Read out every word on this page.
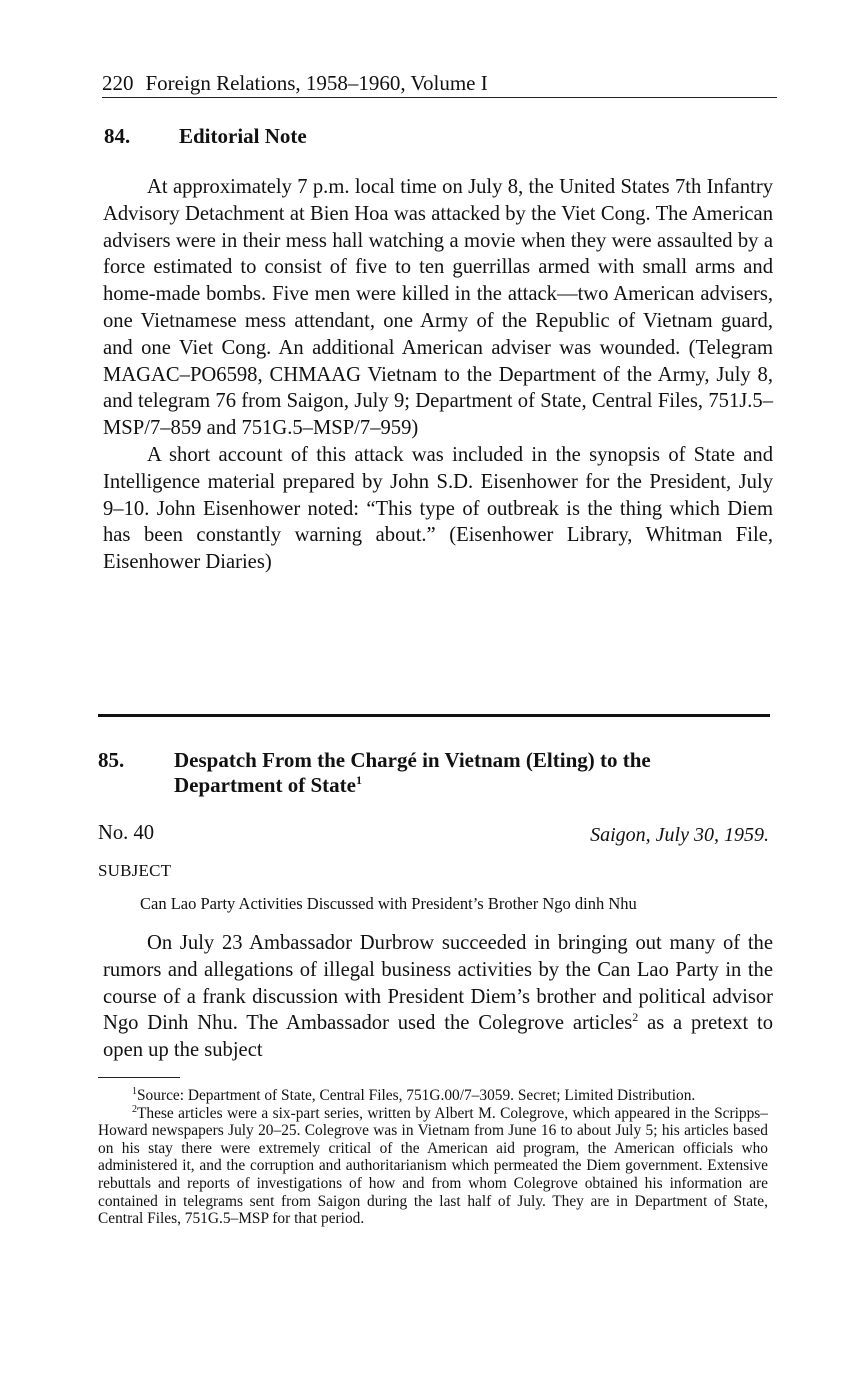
220 Foreign Relations, 1958–1960, Volume I
84. Editorial Note

At approximately 7 p.m. local time on July 8, the United States 7th Infantry Advisory Detachment at Bien Hoa was attacked by the Viet Cong. The American advisers were in their mess hall watching a movie when they were assaulted by a force estimated to consist of five to ten guerrillas armed with small arms and home-made bombs. Five men were killed in the attack—two American advisers, one Vietnamese mess attendant, one Army of the Republic of Vietnam guard, and one Viet Cong. An additional American adviser was wounded. (Telegram MAGAC–PO6598, CHMAAG Vietnam to the Department of the Army, July 8, and telegram 76 from Saigon, July 9; Department of State, Central Files, 751J.5–MSP/7–859 and 751G.5–MSP/7–959)

A short account of this attack was included in the synopsis of State and Intelligence material prepared by John S.D. Eisenhower for the President, July 9–10. John Eisenhower noted: “This type of outbreak is the thing which Diem has been constantly warning about.” (Eisenhower Library, Whitman File, Eisenhower Diaries)

85. Despatch From the Chargé in Vietnam (Elting) to the
Department of State$^1$
No. 40	Saigon, July 30, 1959.
SUBJECT
Can Lao Party Activities Discussed with President’s Brother Ngo dinh Nhu

On July 23 Ambassador Durbrow succeeded in bringing out many of the rumors and allegations of illegal business activities by the Can Lao Party in the course of a frank discussion with President Diem’s brother and political advisor Ngo Dinh Nhu. The Ambassador used the Colegrove articles$^2$ as a pretext to open up the subject

$^1$Source: Department of State, Central Files, 751G.00/7–3059. Secret; Limited Distribution.

$^2$These articles were a six-part series, written by Albert M. Colegrove, which appeared in the Scripps–Howard newspapers July 20–25. Colegrove was in Vietnam from June 16 to about July 5; his articles based on his stay there were extremely critical of the American aid program, the American officials who administered it, and the corruption and authoritarianism which permeated the Diem government. Extensive rebuttals and reports of investigations of how and from whom Colegrove obtained his information are contained in telegrams sent from Saigon during the last half of July. They are in Department of State, Central Files, 751G.5–MSP for that period.
